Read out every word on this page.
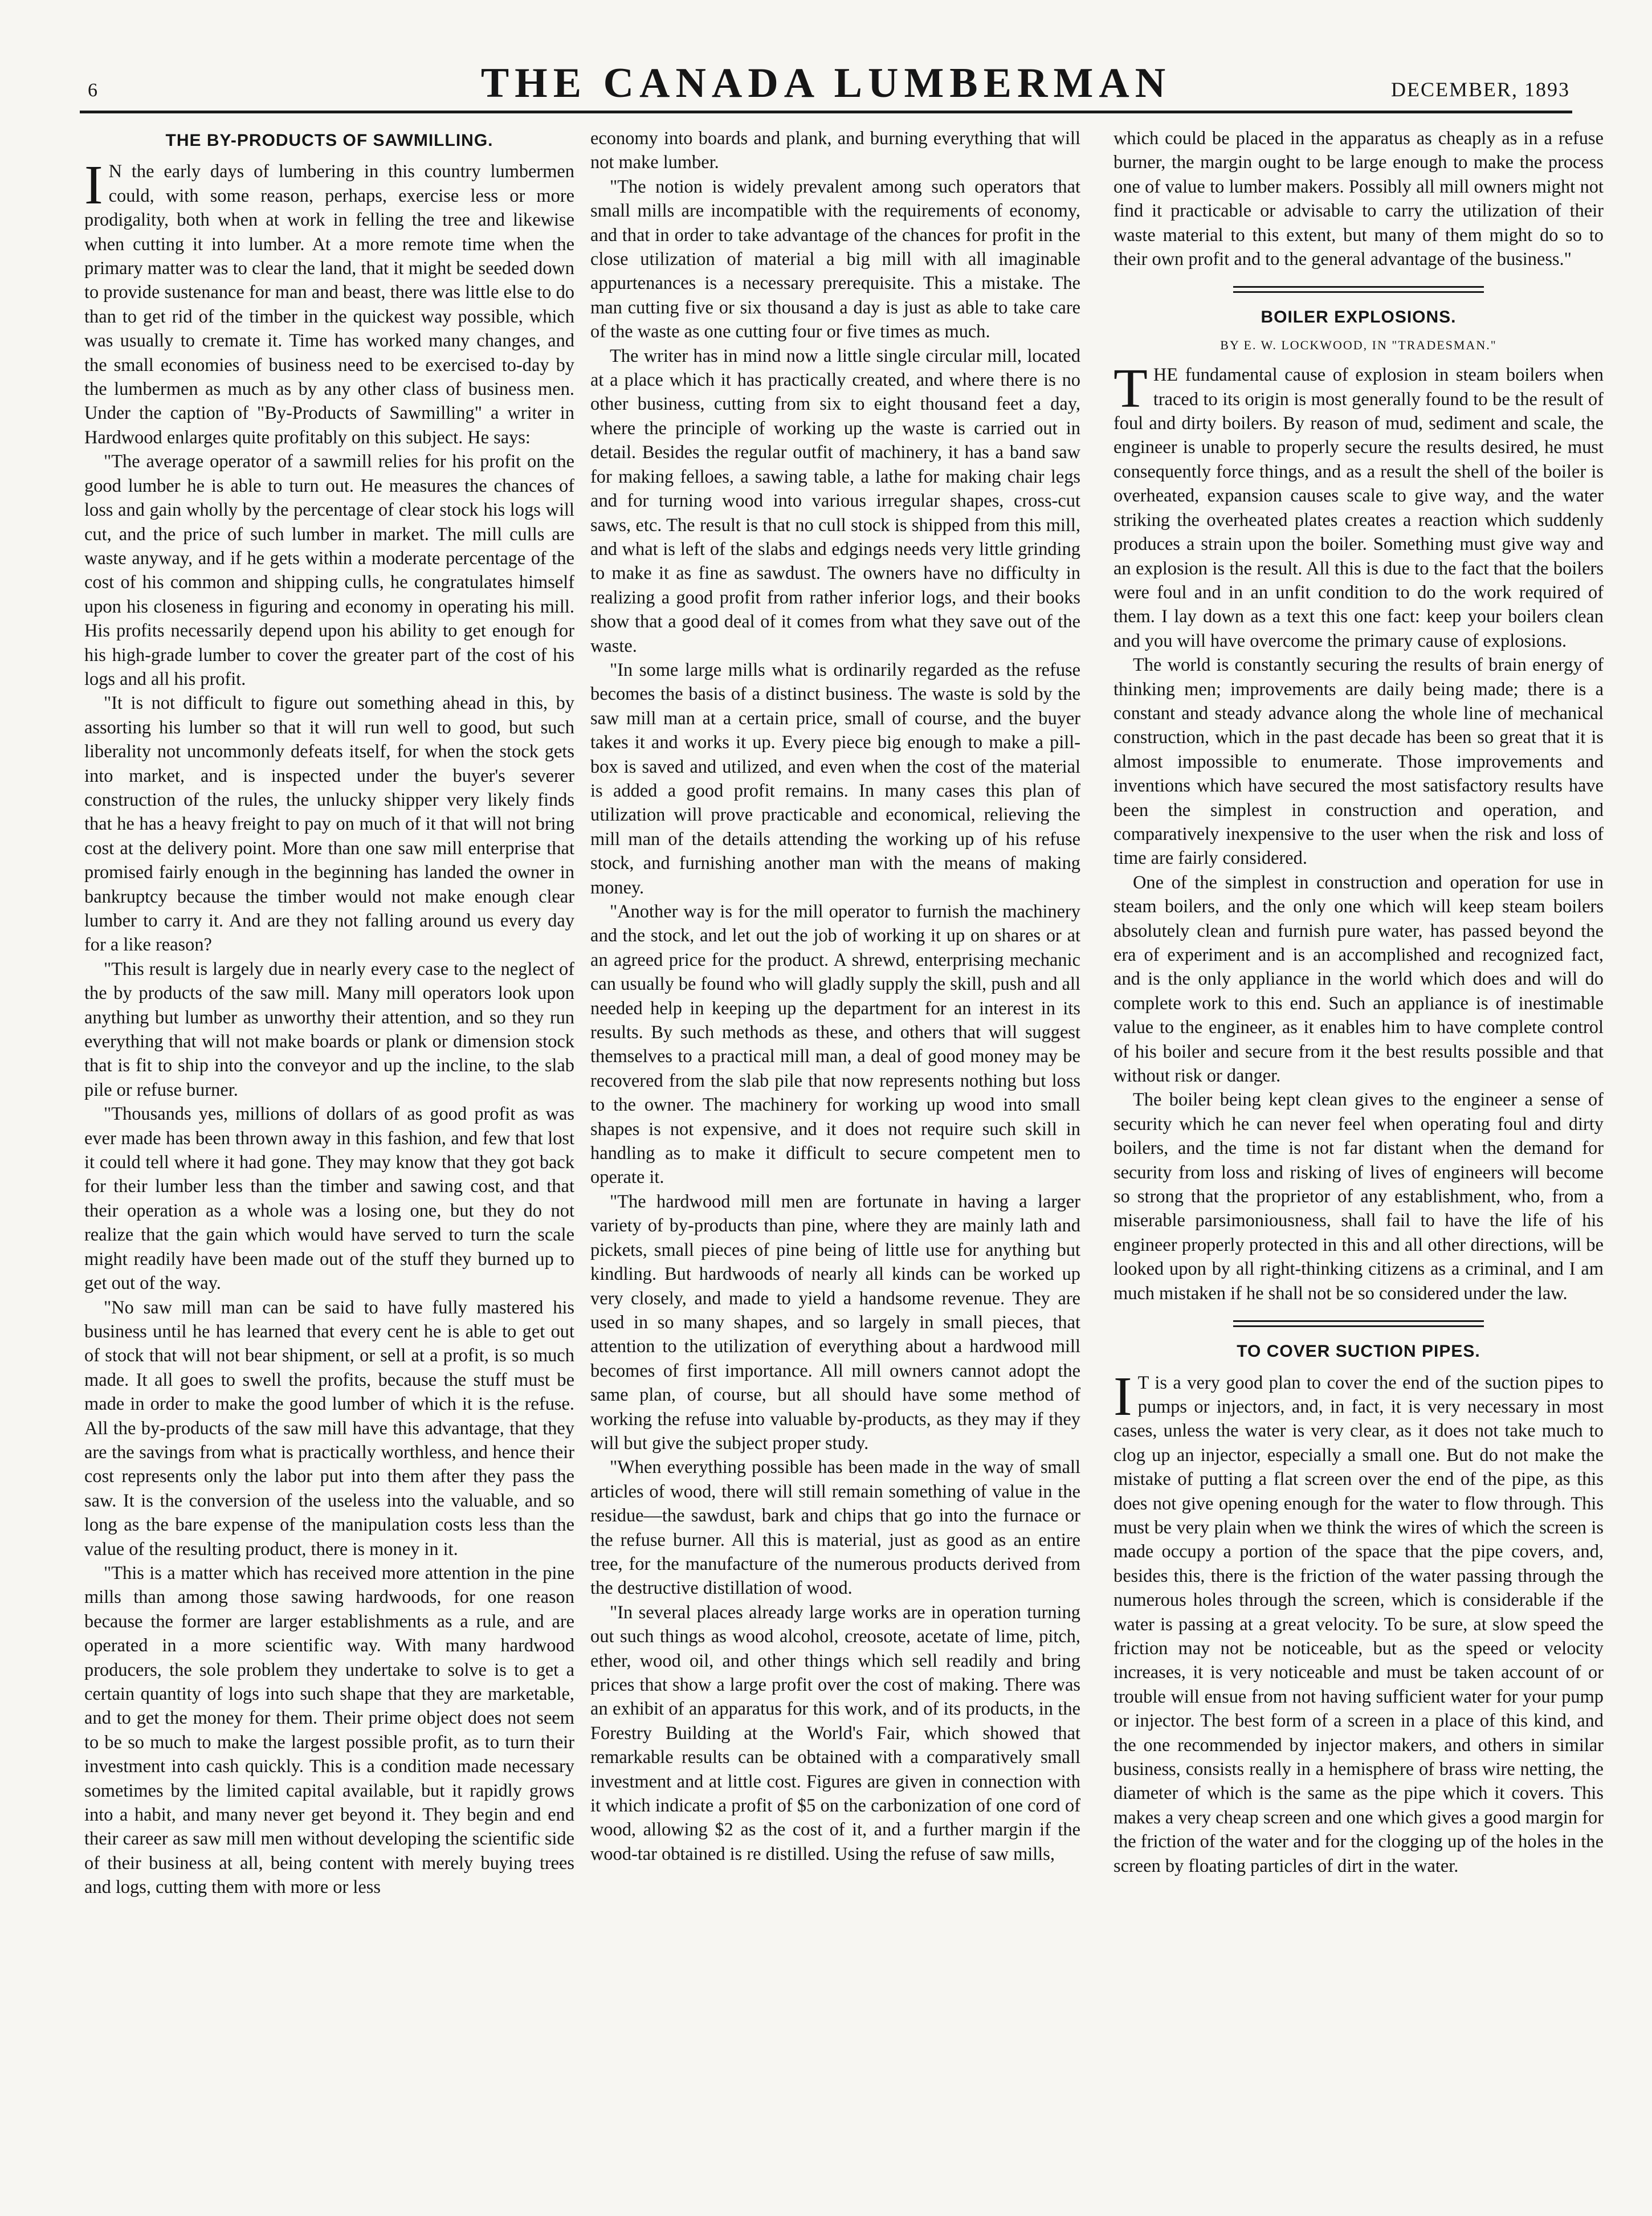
6	THE CANADA LUMBERMAN	DECEMBER, 1893
THE BY-PRODUCTS OF SAWMILLING.

I N the early days of lumbering in this country lumbermen could, with some reason, perhaps, exercise less or more prodigality, both when at work in felling the tree and likewise when cutting it into lumber. At a more remote time when the primary matter was to clear the land, that it might be seeded down to provide sustenance for man and beast, there was little else to do than to get rid of the timber in the quickest way possible, which was usually to cremate it. Time has worked many changes, and the small economies of business need to be exercised to-day by the lumbermen as much as by any other class of business men. Under the caption of "By-Products of Sawmilling" a writer in Hardwood enlarges quite profitably on this subject. He says:

"The average operator of a sawmill relies for his profit on the good lumber he is able to turn out. He measures the chances of loss and gain wholly by the percentage of clear stock his logs will cut, and the price of such lumber in market. The mill culls are waste anyway, and if he gets within a moderate percentage of the cost of his common and shipping culls, he congratulates himself upon his closeness in figuring and economy in operating his mill. His profits necessarily depend upon his ability to get enough for his high-grade lumber to cover the greater part of the cost of his logs and all his profit.

"It is not difficult to figure out something ahead in this, by assorting his lumber so that it will run well to good, but such liberality not uncommonly defeats itself, for when the stock gets into market, and is inspected under the buyer's severer construction of the rules, the unlucky shipper very likely finds that he has a heavy freight to pay on much of it that will not bring cost at the delivery point. More than one saw mill enterprise that promised fairly enough in the beginning has landed the owner in bankruptcy because the timber would not make enough clear lumber to carry it. And are they not falling around us every day for a like reason?

"This result is largely due in nearly every case to the neglect of the by products of the saw mill. Many mill operators look upon anything but lumber as unworthy their attention, and so they run everything that will not make boards or plank or dimension stock that is fit to ship into the conveyor and up the incline, to the slab pile or refuse burner.

"Thousands yes, millions of dollars of as good profit as was ever made has been thrown away in this fashion, and few that lost it could tell where it had gone. They may know that they got back for their lumber less than the timber and sawing cost, and that their operation as a whole was a losing one, but they do not realize that the gain which would have served to turn the scale might readily have been made out of the stuff they burned up to get out of the way.

"No saw mill man can be said to have fully mastered his business until he has learned that every cent he is able to get out of stock that will not bear shipment, or sell at a profit, is so much made. It all goes to swell the profits, because the stuff must be made in order to make the good lumber of which it is the refuse. All the by-products of the saw mill have this advantage, that they are the savings from what is practically worthless, and hence their cost represents only the labor put into them after they pass the saw. It is the conversion of the useless into the valuable, and so long as the bare expense of the manipulation costs less than the value of the resulting product, there is money in it.

"This is a matter which has received more attention in the pine mills than among those sawing hardwoods, for one reason because the former are larger establishments as a rule, and are operated in a more scientific way. With many hardwood producers, the sole problem they undertake to solve is to get a certain quantity of logs into such shape that they are marketable, and to get the money for them. Their prime object does not seem to be so much to make the largest possible profit, as to turn their investment into cash quickly. This is a condition made necessary sometimes by the limited capital available, but it rapidly grows into a habit, and many never get beyond it. They begin and end their career as saw mill men without developing the scientific side of their business at all, being content with merely buying trees and logs, cutting them with more or less

economy into boards and plank, and burning everything that will not make lumber.

"The notion is widely prevalent among such operators that small mills are incompatible with the requirements of economy, and that in order to take advantage of the chances for profit in the close utilization of material a big mill with all imaginable appurtenances is a necessary prerequisite. This a mistake. The man cutting five or six thousand a day is just as able to take care of the waste as one cutting four or five times as much.

The writer has in mind now a little single circular mill, located at a place which it has practically created, and where there is no other business, cutting from six to eight thousand feet a day, where the principle of working up the waste is carried out in detail. Besides the regular outfit of machinery, it has a band saw for making felloes, a sawing table, a lathe for making chair legs and for turning wood into various irregular shapes, cross-cut saws, etc. The result is that no cull stock is shipped from this mill, and what is left of the slabs and edgings needs very little grinding to make it as fine as sawdust. The owners have no difficulty in realizing a good profit from rather inferior logs, and their books show that a good deal of it comes from what they save out of the waste.

"In some large mills what is ordinarily regarded as the refuse becomes the basis of a distinct business. The waste is sold by the saw mill man at a certain price, small of course, and the buyer takes it and works it up. Every piece big enough to make a pill-box is saved and utilized, and even when the cost of the material is added a good profit remains. In many cases this plan of utilization will prove practicable and economical, relieving the mill man of the details attending the working up of his refuse stock, and furnishing another man with the means of making money.

"Another way is for the mill operator to furnish the machinery and the stock, and let out the job of working it up on shares or at an agreed price for the product. A shrewd, enterprising mechanic can usually be found who will gladly supply the skill, push and all needed help in keeping up the department for an interest in its results. By such methods as these, and others that will suggest themselves to a practical mill man, a deal of good money may be recovered from the slab pile that now represents nothing but loss to the owner. The machinery for working up wood into small shapes is not expensive, and it does not require such skill in handling as to make it difficult to secure competent men to operate it.

"The hardwood mill men are fortunate in having a larger variety of by-products than pine, where they are mainly lath and pickets, small pieces of pine being of little use for anything but kindling. But hardwoods of nearly all kinds can be worked up very closely, and made to yield a handsome revenue. They are used in so many shapes, and so largely in small pieces, that attention to the utilization of everything about a hardwood mill becomes of first importance. All mill owners cannot adopt the same plan, of course, but all should have some method of working the refuse into valuable by-products, as they may if they will but give the subject proper study.

"When everything possible has been made in the way of small articles of wood, there will still remain something of value in the residue—the sawdust, bark and chips that go into the furnace or the refuse burner. All this is material, just as good as an entire tree, for the manufacture of the numerous products derived from the destructive distillation of wood.

"In several places already large works are in operation turning out such things as wood alcohol, creosote, acetate of lime, pitch, ether, wood oil, and other things which sell readily and bring prices that show a large profit over the cost of making. There was an exhibit of an apparatus for this work, and of its products, in the Forestry Building at the World's Fair, which showed that remarkable results can be obtained with a comparatively small investment and at little cost. Figures are given in connection with it which indicate a profit of $5 on the carbonization of one cord of wood, allowing $2 as the cost of it, and a further margin if the wood-tar obtained is re distilled. Using the refuse of saw mills,

which could be placed in the apparatus as cheaply as in a refuse burner, the margin ought to be large enough to make the process one of value to lumber makers. Possibly all mill owners might not find it practicable or advisable to carry the utilization of their waste material to this extent, but many of them might do so to their own profit and to the general advantage of the business."

BOILER EXPLOSIONS.
BY E. W. LOCKWOOD, IN "TRADESMAN."

THE fundamental cause of explosion in steam boilers when traced to its origin is most generally found to be the result of foul and dirty boilers. By reason of mud, sediment and scale, the engineer is unable to properly secure the results desired, he must consequently force things, and as a result the shell of the boiler is overheated, expansion causes scale to give way, and the water striking the overheated plates creates a reaction which suddenly produces a strain upon the boiler. Something must give way and an explosion is the result. All this is due to the fact that the boilers were foul and in an unfit condition to do the work required of them. I lay down as a text this one fact: keep your boilers clean and you will have overcome the primary cause of explosions.

The world is constantly securing the results of brain energy of thinking men; improvements are daily being made; there is a constant and steady advance along the whole line of mechanical construction, which in the past decade has been so great that it is almost impossible to enumerate. Those improvements and inventions which have secured the most satisfactory results have been the simplest in construction and operation, and comparatively inexpensive to the user when the risk and loss of time are fairly considered.

One of the simplest in construction and operation for use in steam boilers, and the only one which will keep steam boilers absolutely clean and furnish pure water, has passed beyond the era of experiment and is an accomplished and recognized fact, and is the only appliance in the world which does and will do complete work to this end. Such an appliance is of inestimable value to the engineer, as it enables him to have complete control of his boiler and secure from it the best results possible and that without risk or danger.

The boiler being kept clean gives to the engineer a sense of security which he can never feel when operating foul and dirty boilers, and the time is not far distant when the demand for security from loss and risking of lives of engineers will become so strong that the proprietor of any establishment, who, from a miserable parsimoniousness, shall fail to have the life of his engineer properly protected in this and all other directions, will be looked upon by all right-thinking citizens as a criminal, and I am much mistaken if he shall not be so considered under the law.

TO COVER SUCTION PIPES.

I T is a very good plan to cover the end of the suction pipes to pumps or injectors, and, in fact, it is very necessary in most cases, unless the water is very clear, as it does not take much to clog up an injector, especially a small one. But do not make the mistake of putting a flat screen over the end of the pipe, as this does not give opening enough for the water to flow through. This must be very plain when we think the wires of which the screen is made occupy a portion of the space that the pipe covers, and, besides this, there is the friction of the water passing through the numerous holes through the screen, which is considerable if the water is passing at a great velocity. To be sure, at slow speed the friction may not be noticeable, but as the speed or velocity increases, it is very noticeable and must be taken account of or trouble will ensue from not having sufficient water for your pump or injector. The best form of a screen in a place of this kind, and the one recommended by injector makers, and others in similar business, consists really in a hemisphere of brass wire netting, the diameter of which is the same as the pipe which it covers. This makes a very cheap screen and one which gives a good margin for the friction of the water and for the clogging up of the holes in the screen by floating particles of dirt in the water.
